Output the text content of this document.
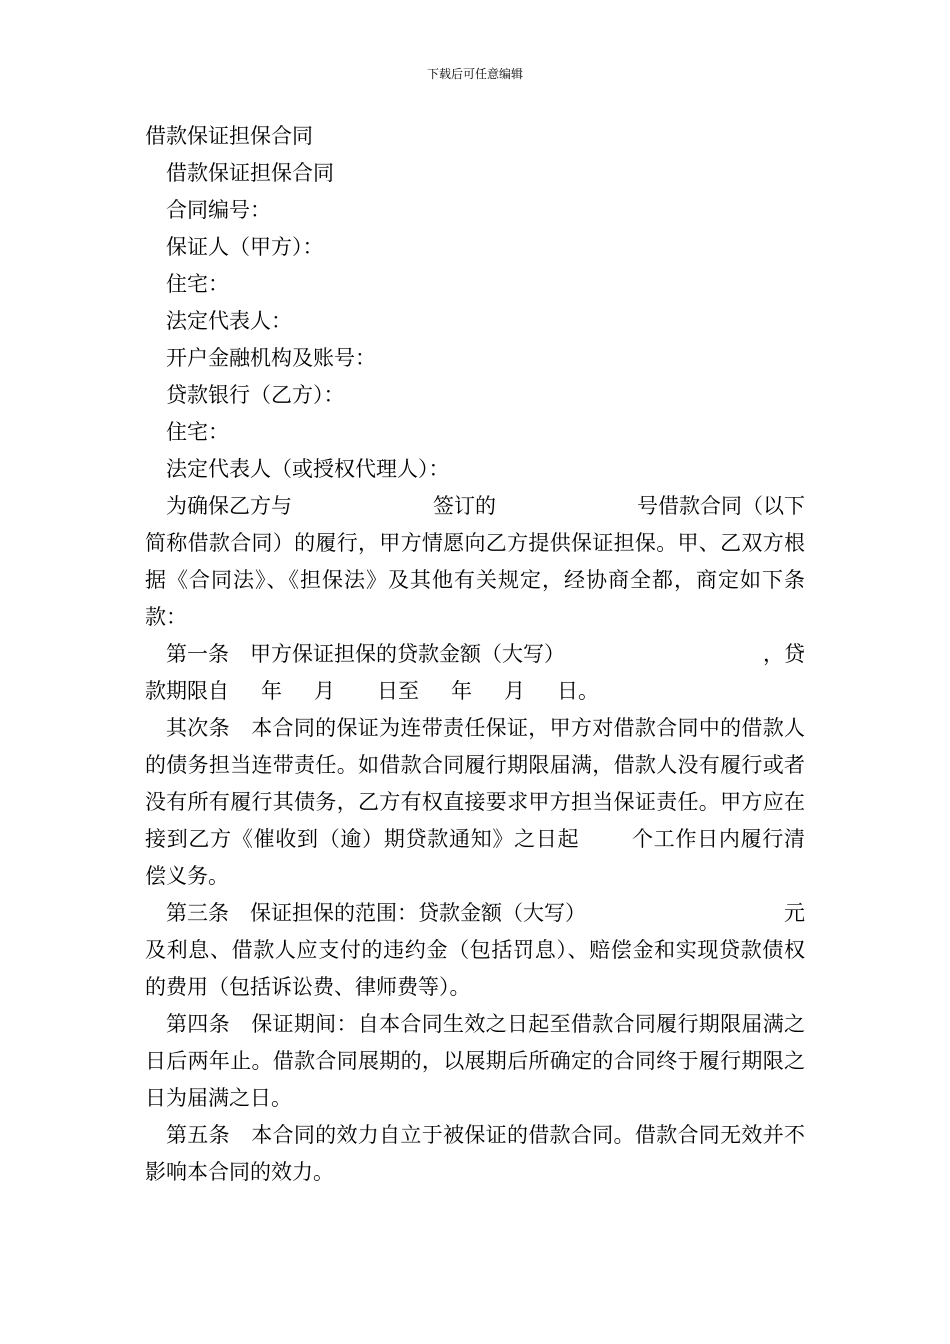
下载后可任意编辑
借款保证担保合同
借款保证担保合同
合同编号：
保证人（甲方）：
住宅：
法定代表人：
开户金融机构及账号：
贷款银行（乙方）：
住宅：
法定代表人（或授权代理人）：
为确保乙方与	签订的	号借款合同（以下

简称借款合同）的履行，甲方情愿向乙方提供保证担保。甲、乙双方根据《合同法》、《担保法》及其他有关规定，经协商全都，商定如下条款：

第一条 甲方保证担保的贷款金额（大写）	，贷
款期限自 年 月 日至 年 月 日。

其次条 本合同的保证为连带责任保证，甲方对借款合同中的借款人的债务担当连带责任。如借款合同履行期限届满，借款人没有履行或者没有所有履行其债务，乙方有权直接要求甲方担当保证责任。甲方应在接到乙方《催收到（逾）期贷款通知》之日起 个工作日内履行清偿义务。

第三条 保证担保的范围：贷款金额（大写）	元

及利息、借款人应支付的违约金（包括罚息）、赔偿金和实现贷款债权的费用（包括诉讼费、律师费等）。

第四条 保证期间：自本合同生效之日起至借款合同履行期限届满之日后两年止。借款合同展期的，以展期后所确定的合同终于履行期限之日为届满之日。

第五条 本合同的效力自立于被保证的借款合同。借款合同无效并不影响本合同的效力。
